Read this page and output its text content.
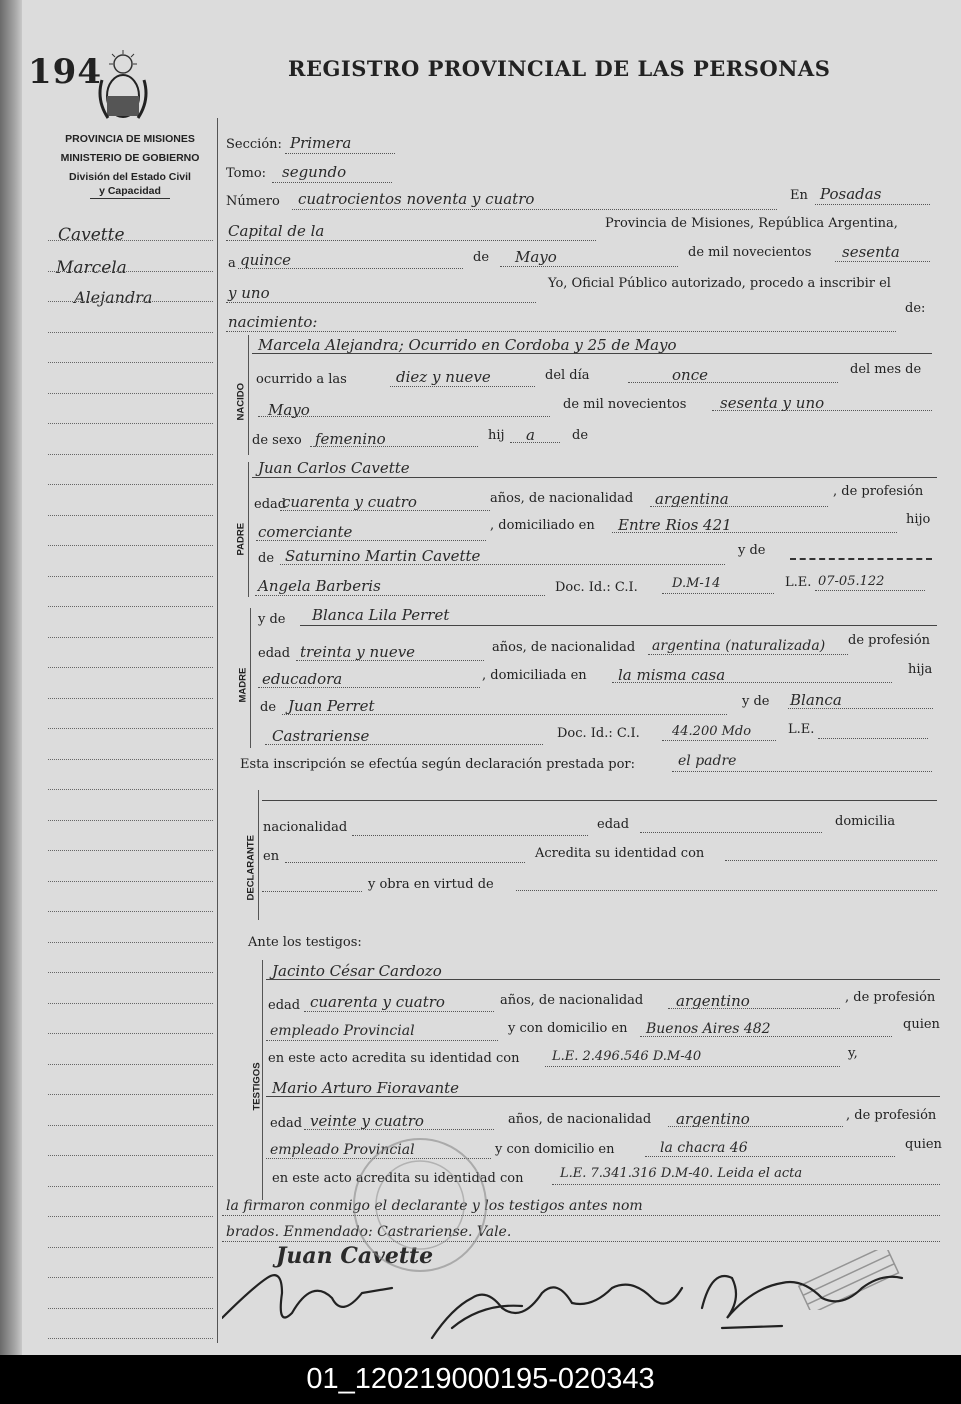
194	REGISTRO PROVINCIAL DE LAS PERSONAS
PROVINCIA DE MISIONES
MINISTERIO DE GOBIERNO
División del Estado Civil
y Capacidad
Cavette
Marcela
Alejandra
Sección: Primera
Tomo: segundo
Número cuatrocientos noventa y cuatro	En Posadas
Capital de la	Provincia de Misiones, República Argentina,
a quince	de Mayo	de mil novecientos sesenta
y uno
Yo, Oficial Público autorizado, procedo a inscribir el
nacimiento:
de:
NACIDO
Marcela Alejandra; Ocurrido en Cordoba y 25 de Mayo
ocurrido a las	diez y nueve	del día	once	del mes de
Mayo	de mil novecientos sesenta y uno
de sexo femenino	hij a	de
PADRE
Juan Carlos Cavette
edad
cuarenta y cuatro	años, de nacionalidad argentina	, de profesión
comerciante	, domiciliado en Entre Rios 421	hijo
de Saturnino Martin Cavette	y de
Angela Barberis	Doc. Id.: C.I.	D.M-14	L.E. 07-05.122
MADRE
y de Blanca Lila Perret
edad treinta y nueve	años, de nacionalidad argentina (naturalizada) de profesión
educadora	, domiciliada en la misma casa	hija
de Juan Perret	y de Blanca
Castrariense	Doc. Id.: C.I. 44.200 Mdo	L.E.
Esta inscripción se efectúa según declaración prestada por:	el padre
DECLARANTE
nacionalidad	edad	domicilia
en	Acredita su identidad con
y obra en virtud de
Ante los testigos:
TESTIGOS
Jacinto César Cardozo
edad cuarenta y cuatro	años, de nacionalidad argentino	, de profesión
empleado Provincial	y con domicilio en Buenos Aires 482	quien
en este acto acredita su identidad con	L.E. 2.496.546 D.M-40	y,
Mario Arturo Fioravante
edad veinte y cuatro	años, de nacionalidad argentino	, de profesión
empleado Provincial	y con domicilio en	la chacra 46	quien
en este acto acredita su identidad con	L.E. 7.341.316 D.M-40. Leida el acta
la firmaron conmigo el declarante y los testigos antes nom
brados. Enmendado: Castrariense. Vale.
Juan Cavette
01_120219000195-020343
